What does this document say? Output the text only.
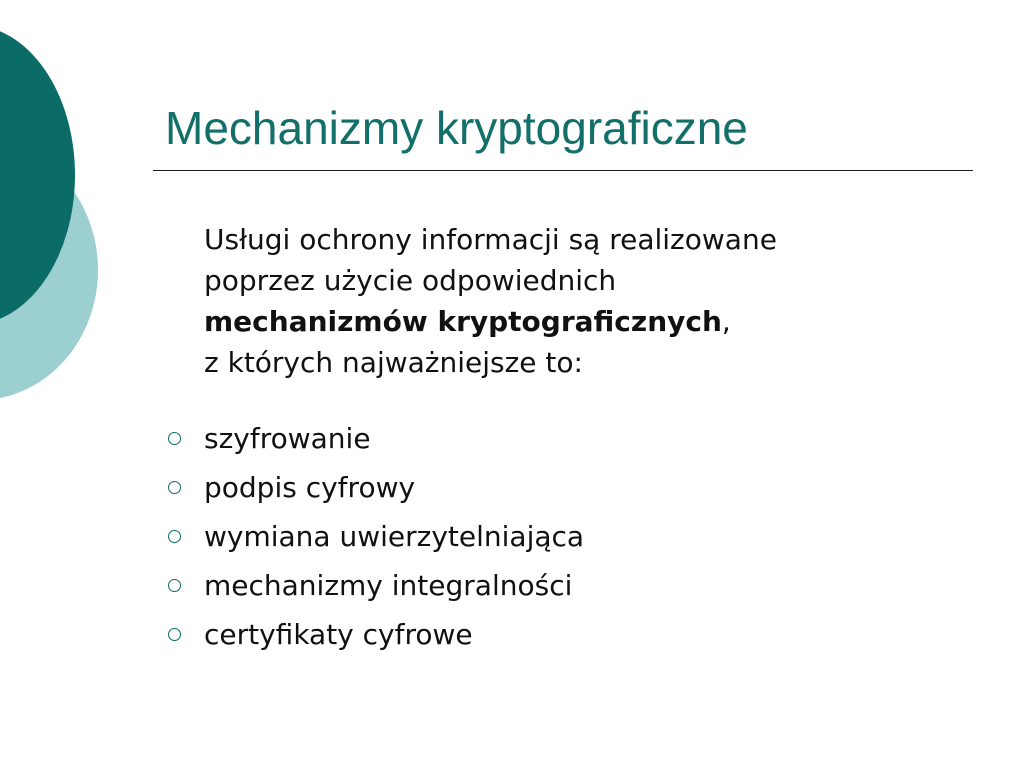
Mechanizmy kryptograficzne

Usługi ochrony informacji są realizowane
poprzez użycie odpowiednich
mechanizmów kryptograficznych,
z których najważniejsze to:

szyfrowanie
podpis cyfrowy
wymiana uwierzytelniająca
mechanizmy integralności
certyfikaty cyfrowe
